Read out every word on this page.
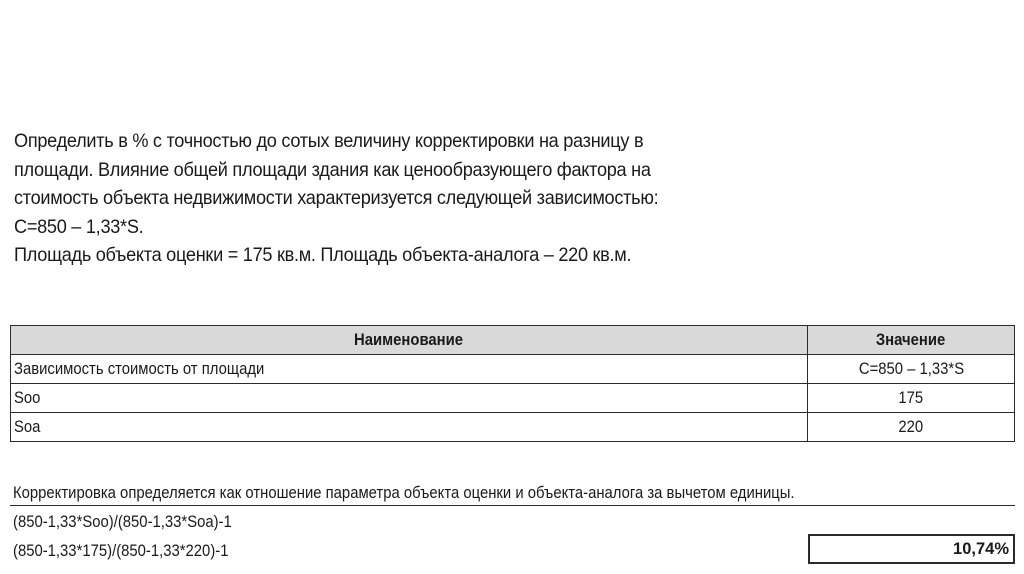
Определить в % с точностью до сотых величину корректировки на разницу в
площади. Влияние общей площади здания как ценообразующего фактора на
стоимость объекта недвижимости характеризуется следующей зависимостью:
С=850 – 1,33*S.
Площадь объекта оценки = 175 кв.м. Площадь объекта-аналога – 220 кв.м.
Наименование	Значение
Зависимость стоимость от площади	С=850 – 1,33*S
Soo	175
Soa	220
Корректировка определяется как отношение параметра объекта оценки и объекта-аналога за вычетом единицы.
(850-1,33*Soo)/(850-1,33*Soa)-1
(850-1,33*175)/(850-1,33*220)-1	10,74%
